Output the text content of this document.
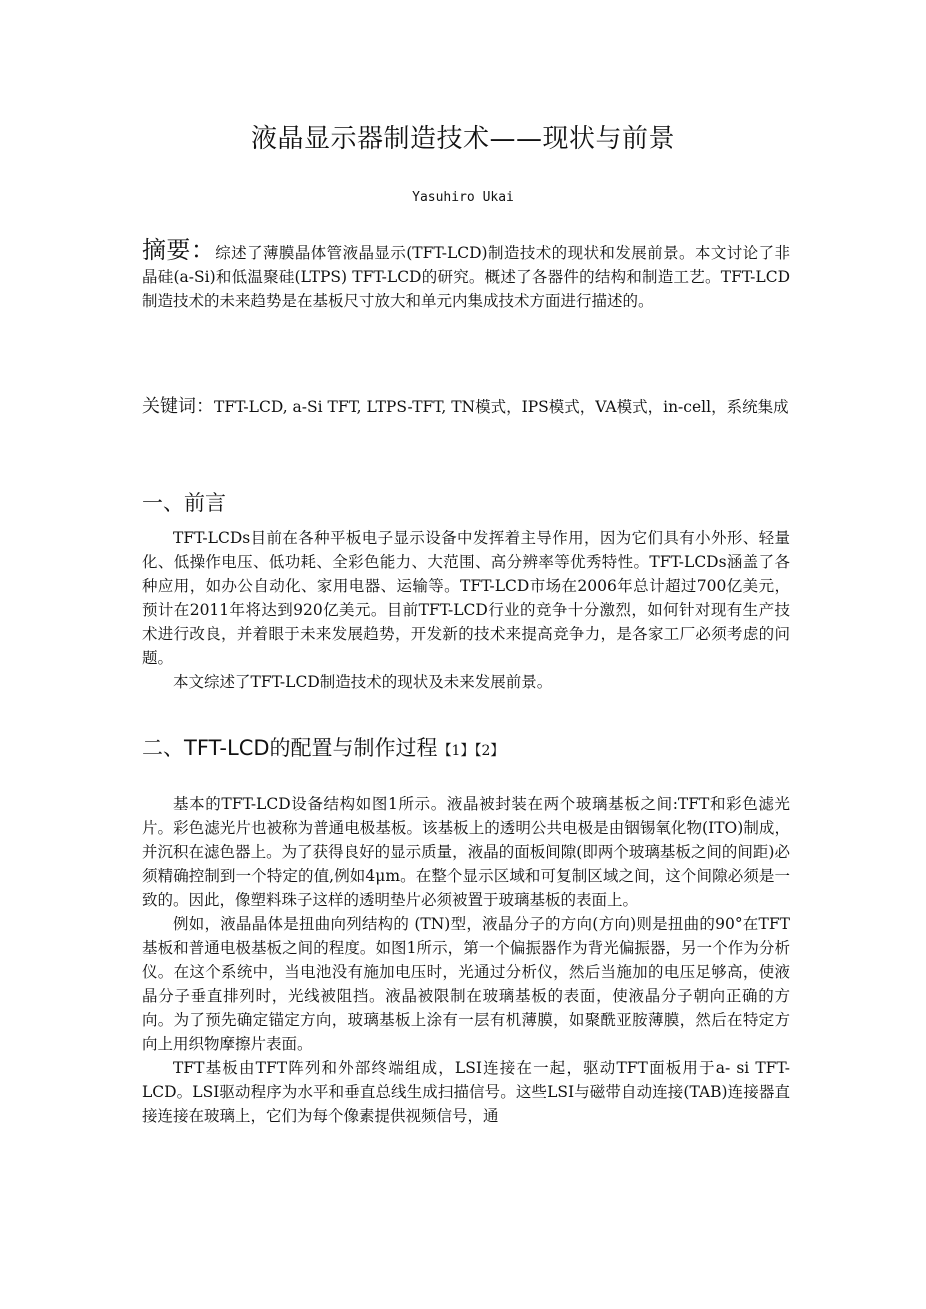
液晶显示器制造技术——现状与前景
Yasuhiro Ukai
摘要：综述了薄膜晶体管液晶显示(TFT-LCD)制造技术的现状和发展前景。本文讨论了非晶硅(a-Si)和低温聚硅(LTPS) TFT-LCD的研究。概述了各器件的结构和制造工艺。TFT-LCD制造技术的未来趋势是在基板尺寸放大和单元内集成技术方面进行描述的。
关键词：TFT-LCD, a-Si TFT, LTPS-TFT, TN模式，IPS模式，VA模式，in-cell，系统集成
一、前言

TFT-LCDs目前在各种平板电子显示设备中发挥着主导作用，因为它们具有小外形、轻量化、低操作电压、低功耗、全彩色能力、大范围、高分辨率等优秀特性。TFT-LCDs涵盖了各种应用，如办公自动化、家用电器、运输等。TFT-LCD市场在2006年总计超过700亿美元，预计在2011年将达到920亿美元。目前TFT-LCD行业的竞争十分激烈，如何针对现有生产技术进行改良，并着眼于未来发展趋势，开发新的技术来提高竞争力，是各家工厂必须考虑的问题。

本文综述了TFT-LCD制造技术的现状及未来发展前景。

二、TFT-LCD的配置与制作过程【1】【2】

基本的TFT-LCD设备结构如图1所示。液晶被封装在两个玻璃基板之间:TFT和彩色滤光片。彩色滤光片也被称为普通电极基板。该基板上的透明公共电极是由铟锡氧化物(ITO)制成，并沉积在滤色器上。为了获得良好的显示质量，液晶的面板间隙(即两个玻璃基板之间的间距)必须精确控制到一个特定的值,例如4μm。在整个显示区域和可复制区域之间，这个间隙必须是一致的。因此，像塑料珠子这样的透明垫片必须被置于玻璃基板的表面上。

例如，液晶晶体是扭曲向列结构的 (TN)型，液晶分子的方向(方向)则是扭曲的90°在TFT基板和普通电极基板之间的程度。如图1所示，第一个偏振器作为背光偏振器，另一个作为分析仪。在这个系统中，当电池没有施加电压时，光通过分析仪，然后当施加的电压足够高，使液晶分子垂直排列时，光线被阻挡。液晶被限制在玻璃基板的表面，使液晶分子朝向正确的方向。为了预先确定锚定方向，玻璃基板上涂有一层有机薄膜，如聚酰亚胺薄膜，然后在特定方向上用织物摩擦片表面。

TFT基板由TFT阵列和外部终端组成，LSI连接在一起，驱动TFT面板用于a- si TFT-LCD。LSI驱动程序为水平和垂直总线生成扫描信号。这些LSI与磁带自动连接(TAB)连接器直接连接在玻璃上，它们为每个像素提供视频信号，通
